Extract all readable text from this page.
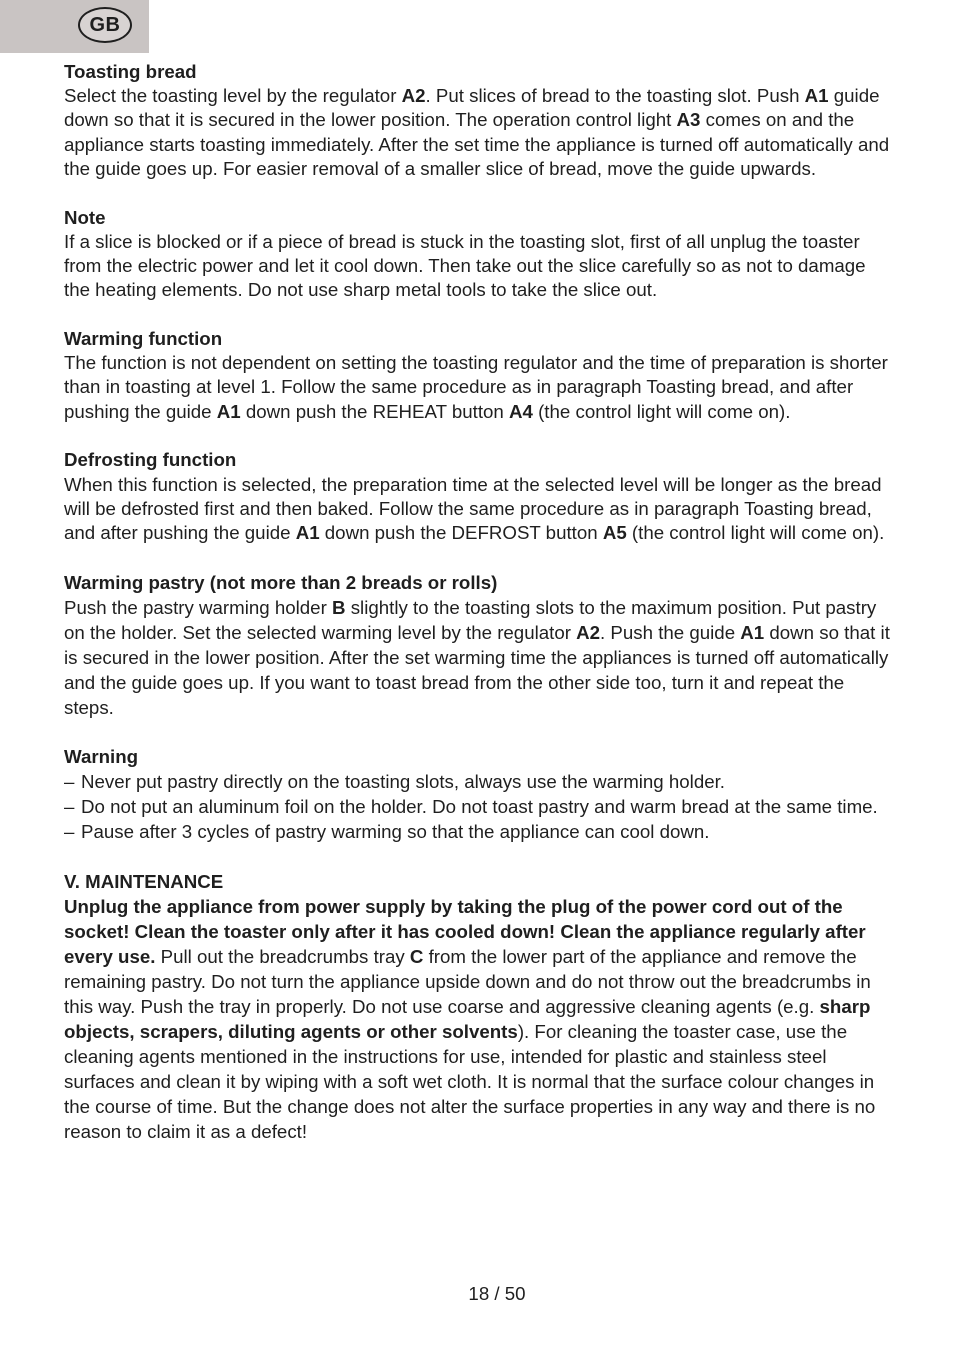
GB
Toasting bread
Select the toasting level by the regulator A2. Put slices of bread to the toasting slot. Push A1 guide down so that it is secured in the lower position. The operation control light A3 comes on and the appliance starts toasting immediately. After the set time the appliance is turned off automatically and the guide goes up. For easier removal of a smaller slice of bread, move the guide upwards.
Note
If a slice is blocked or if a piece of bread is stuck in the toasting slot, first of all unplug the toaster from the electric power and let it cool down. Then take out the slice carefully so as not to damage the heating elements. Do not use sharp metal tools to take the slice out.
Warming function
The function is not dependent on setting the toasting regulator and the time of preparation is shorter than in toasting at level 1. Follow the same procedure as in paragraph Toasting bread, and after pushing the guide A1 down push the REHEAT button A4 (the control light will come on).
Defrosting function
When this function is selected, the preparation time at the selected level will be longer as the bread will be defrosted first and then baked. Follow the same procedure as in paragraph Toasting bread, and after pushing the guide A1 down push the DEFROST button A5 (the control light will come on).
Warming pastry (not more than 2 breads or rolls)
Push the pastry warming holder B slightly to the toasting slots to the maximum position. Put pastry on the holder. Set the selected warming level by the regulator A2. Push the guide A1 down so that it is secured in the lower position. After the set warming time the appliances is turned off automatically and the guide goes up. If you want to toast bread from the other side too, turn it and repeat the steps.
Warning
– Never put pastry directly on the toasting slots, always use the warming holder.
– Do not put an aluminum foil on the holder. Do not toast pastry and warm bread at the same time.
– Pause after 3 cycles of pastry warming so that the appliance can cool down.
V. MAINTENANCE
Unplug the appliance from power supply by taking the plug of the power cord out of the socket! Clean the toaster only after it has cooled down! Clean the appliance regularly after every use. Pull out the breadcrumbs tray C from the lower part of the appliance and remove the remaining pastry. Do not turn the appliance upside down and do not throw out the breadcrumbs in this way. Push the tray in properly. Do not use coarse and aggressive cleaning agents (e.g. sharp objects, scrapers, diluting agents or other solvents). For cleaning the toaster case, use the cleaning agents mentioned in the instructions for use, intended for plastic and stainless steel surfaces and clean it by wiping with a soft wet cloth. It is normal that the surface colour changes in the course of time. But the change does not alter the surface properties in any way and there is no reason to claim it as a defect!
18 / 50
